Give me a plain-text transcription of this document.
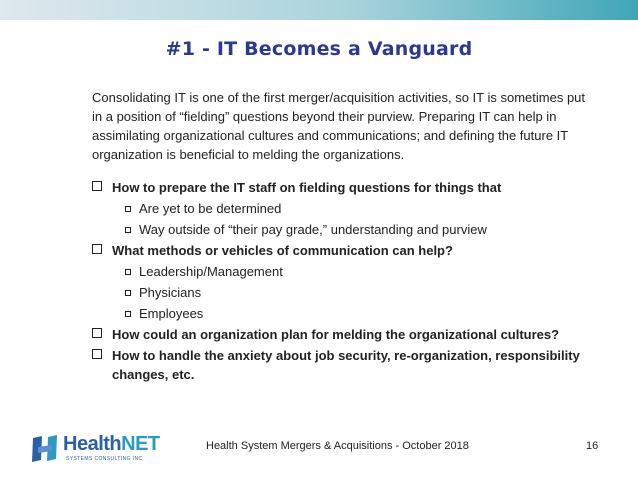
#1 - IT Becomes a Vanguard

Consolidating IT is one of the first merger/acquisition activities, so IT is sometimes put in a position of “fielding” questions beyond their purview. Preparing IT can help in assimilating organizational cultures and communications; and defining the future IT organization is beneficial to melding the organizations.

How to prepare the IT staff on fielding questions for things that
Are yet to be determined
Way outside of “their pay grade,” understanding and purview
What methods or vehicles of communication can help?
Leadership/Management
Physicians
Employees
How could an organization plan for melding the organizational cultures?
How to handle the anxiety about job security, re-organization, responsibility changes, etc.
HealthNET
SYSTEMS CONSULTING INC
Health System Mergers & Acquisitions - October 2018	16
